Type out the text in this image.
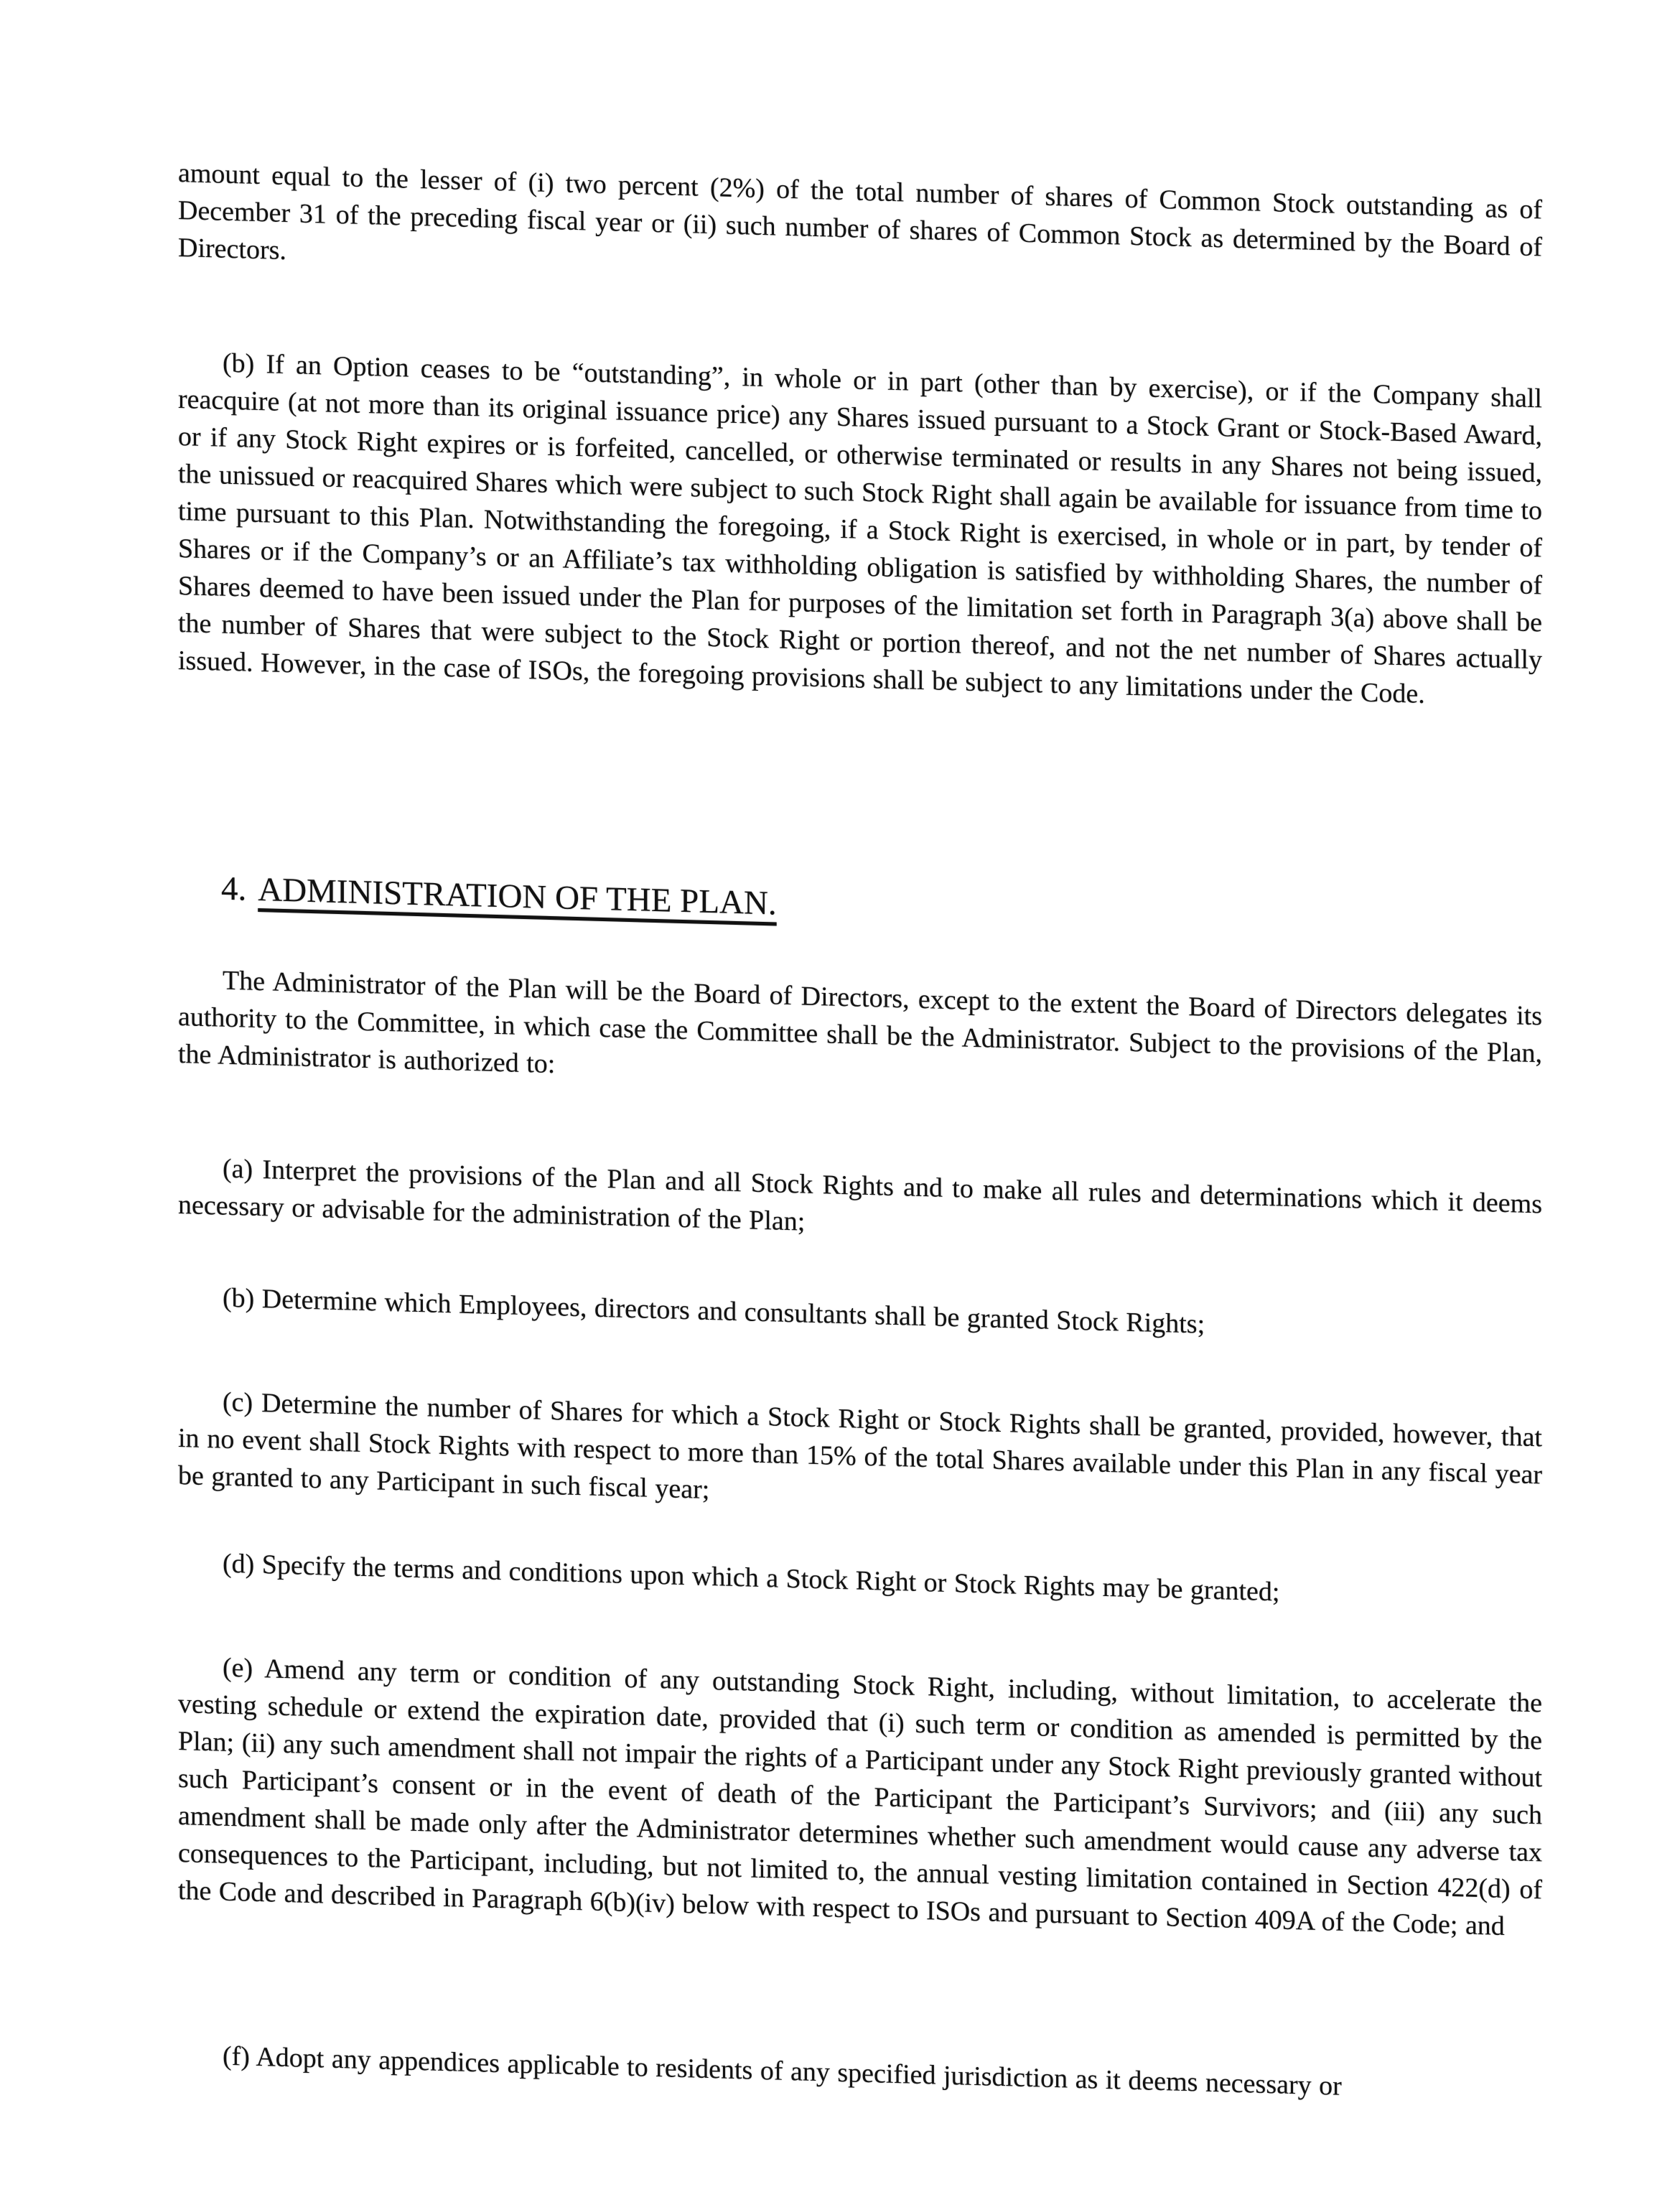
amount equal to the lesser of (i) two percent (2%) of the total number of shares of Common Stock outstanding as of December 31 of the preceding fiscal year or (ii) such number of shares of Common Stock as determined by the Board of Directors.

(b) If an Option ceases to be “outstanding”, in whole or in part (other than by exercise), or if the Company shall reacquire (at not more than its original issuance price) any Shares issued pursuant to a Stock Grant or Stock-Based Award, or if any Stock Right expires or is forfeited, cancelled, or otherwise terminated or results in any Shares not being issued, the unissued or reacquired Shares which were subject to such Stock Right shall again be available for issuance from time to time pursuant to this Plan. Notwithstanding the foregoing, if a Stock Right is exercised, in whole or in part, by tender of Shares or if the Company’s or an Affiliate’s tax withholding obligation is satisfied by withholding Shares, the number of Shares deemed to have been issued under the Plan for purposes of the limitation set forth in Paragraph 3(a) above shall be the number of Shares that were subject to the Stock Right or portion thereof, and not the net number of Shares actually issued. However, in the case of ISOs, the foregoing provisions shall be subject to any limitations under the Code.

4. ADMINISTRATION OF THE PLAN.

The Administrator of the Plan will be the Board of Directors, except to the extent the Board of Directors delegates its authority to the Committee, in which case the Committee shall be the Administrator. Subject to the provisions of the Plan, the Administrator is authorized to:

(a) Interpret the provisions of the Plan and all Stock Rights and to make all rules and determinations which it deems necessary or advisable for the administration of the Plan;

(b) Determine which Employees, directors and consultants shall be granted Stock Rights;

(c) Determine the number of Shares for which a Stock Right or Stock Rights shall be granted, provided, however, that in no event shall Stock Rights with respect to more than 15% of the total Shares available under this Plan in any fiscal year be granted to any Participant in such fiscal year;

(d) Specify the terms and conditions upon which a Stock Right or Stock Rights may be granted;

(e) Amend any term or condition of any outstanding Stock Right, including, without limitation, to accelerate the vesting schedule or extend the expiration date, provided that (i) such term or condition as amended is permitted by the Plan; (ii) any such amendment shall not impair the rights of a Participant under any Stock Right previously granted without such Participant’s consent or in the event of death of the Participant the Participant’s Survivors; and (iii) any such amendment shall be made only after the Administrator determines whether such amendment would cause any adverse tax consequences to the Participant, including, but not limited to, the annual vesting limitation contained in Section 422(d) of the Code and described in Paragraph 6(b)(iv) below with respect to ISOs and pursuant to Section 409A of the Code; and

(f) Adopt any appendices applicable to residents of any specified jurisdiction as it deems necessary or
